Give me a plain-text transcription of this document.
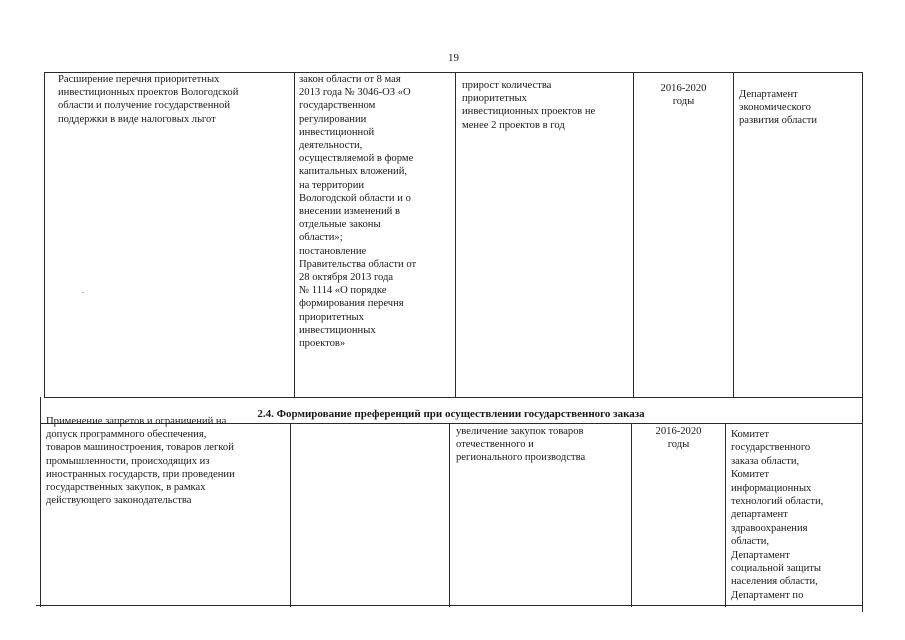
19
Расширение перечня приоритетных
инвестиционных проектов Вологодской
области и получение государственной
поддержки в виде налоговых льгот
закон области от 8 мая
2013 года № 3046-ОЗ «О
государственном
регулировании
инвестиционной
деятельности,
осуществляемой в форме
капитальных вложений,
на территории
Вологодской области и о
внесении изменений в
отдельные законы
области»;
постановление
Правительства области от
28 октября 2013 года
№ 1114 «О порядке
формирования перечня
приоритетных
инвестиционных
проектов»
прирост количества
приоритетных
инвестиционных проектов не
менее 2 проектов в год
2016-2020
годы
Департамент
экономического
развития области
2.4. Формирование преференций при осуществлении государственного заказа
Применение запретов и ограничений на
допуск программного обеспечения,
товаров машиностроения, товаров легкой
промышленности, происходящих из
иностранных государств, при проведении
государственных закупок, в рамках
действующего законодательства
увеличение закупок товаров
отечественного и
регионального производства
2016-2020
годы
Комитет
государственного
заказа области,
Комитет
информационных
технологий области,
департамент
здравоохранения
области,
Департамент
социальной защиты
населения области,
Департамент по
